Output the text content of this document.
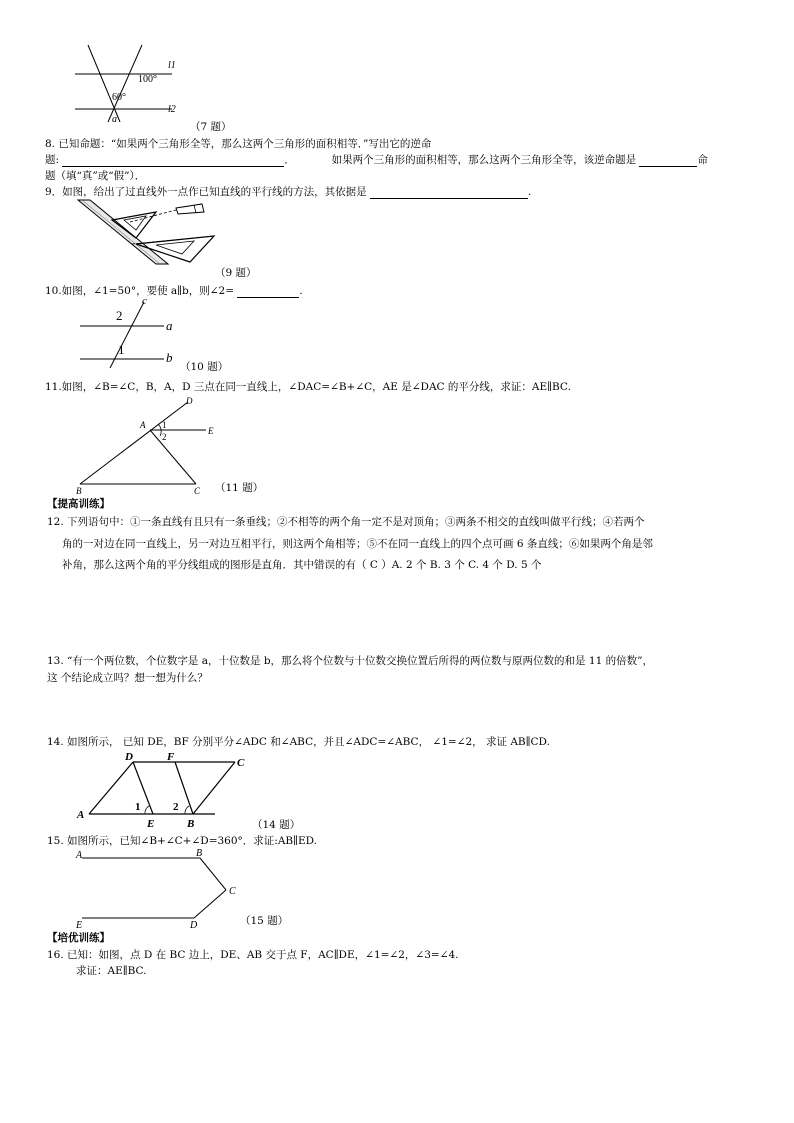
l1
l2
100°
60°
a
（7 题）
8. 已知命题：“如果两个三角形全等，那么这两个三角形的面积相等．”写出它的逆命
题:	．	如果两个三角形的面积相等，那么这两个三角形全等，该逆命题是	命
题（填“真”或“假”）．
9．如图，给出了过直线外一点作已知直线的平行线的方法，其依据是	.
（9 题）
10.如图，∠1=50°，要使 a∥b，则∠2=	.
c
a
b
2
1
（10 题）
11.如图，∠B=∠C，B，A，D 三点在同一直线上，∠DAC=∠B+∠C，AE 是∠DAC 的平分线，求证：AE∥BC.
D
A
E
B	C
1
2
（11 题）
【提高训练】
12. 下列语句中：①一条直线有且只有一条垂线；②不相等的两个角一定不是对顶角；③两条不相交的直线叫做平行线；④若两个
角的一对边在同一直线上，另一对边互相平行，则这两个角相等；⑤不在同一直线上的四个点可画 6 条直线；⑥如果两个角是邻
补角，那么这两个角的平分线组成的图形是直角．其中错误的有（ C ）A. 2 个 B. 3 个 C. 4 个 D. 5 个
13. “有一个两位数，个位数字是 a，十位数是 b，那么将个位数与十位数交换位置后所得的两位数与原两位数的和是 11 的倍数”，
这 个结论成立吗？想一想为什么？
14. 如图所示， 已知 DE，BF 分别平分∠ADC 和∠ABC，并且∠ADC=∠ABC， ∠1=∠2， 求证 AB∥CD.
D	F	C
A
E	B
1	2
（14 题）
15. 如图所示，已知∠B+∠C+∠D=360°．求证:AB∥ED.
A	B
C
D
E	（15 题）
【培优训练】
16. 已知：如图，点 D 在 BC 边上，DE、AB 交于点 F，AC∥DE，∠1=∠2，∠3=∠4.
求证：AE∥BC.
